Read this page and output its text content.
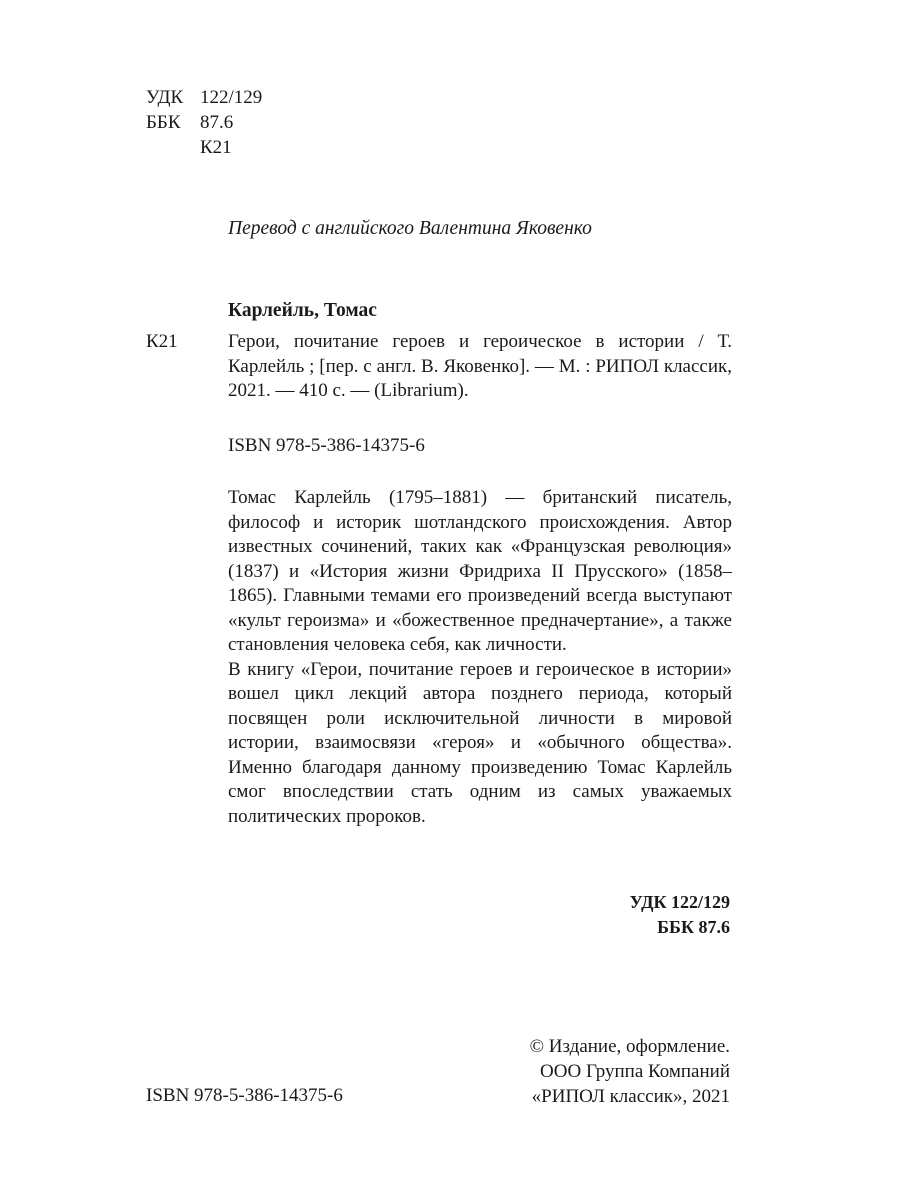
УДК 122/129
ББК	87.6
К21
Перевод с английского Валентина Яковенко
Карлейль, Томас
К21	Герои, почитание героев и героическое в истории / Т. Карлейль ; [пер. с англ. В. Яковенко]. — М. : РИПОЛ классик, 2021. — 410 с. — (Librarium).
ISBN 978-5-386-14375-6

Томас Карлейль (1795–1881) — британский писатель, философ и историк шотландского происхождения. Автор известных сочинений, таких как «Французская революция» (1837) и «История жизни Фридриха II Прусского» (1858–1865). Главными темами его произведений всегда выступают «культ героизма» и «божественное предначертание», а также становления человека себя, как личности.

В книгу «Герои, почитание героев и героическое в истории» вошел цикл лекций автора позднего периода, который посвящен роли исключительной личности в мировой истории, взаимосвязи «героя» и «обычного общества». Именно благодаря данному произведению Томас Карлейль смог впоследствии стать одним из самых уважаемых политических пророков.

УДК 122/129
ББК 87.6
ISBN 978-5-386-14375-6
© Издание, оформление.
ООО Группа Компаний
«РИПОЛ классик», 2021
